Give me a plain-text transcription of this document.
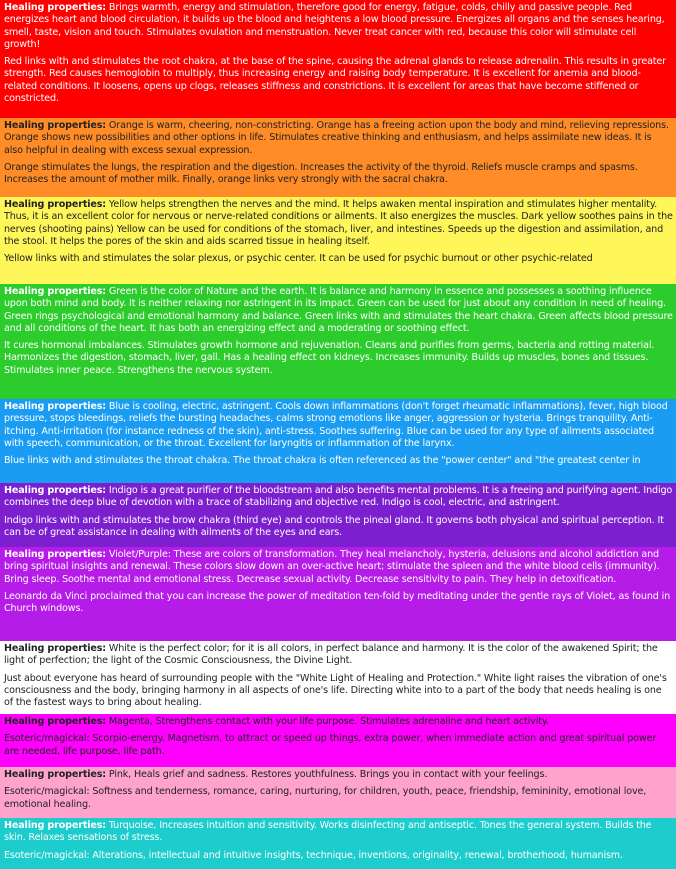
Healing properties: Brings warmth, energy and stimulation, therefore good for energy, fatigue, colds, chilly and passive people. Red energizes heart and blood circulation, it builds up the blood and heightens a low blood pressure. Energizes all organs and the senses hearing, smell, taste, vision and touch. Stimulates ovulation and menstruation. Never treat cancer with red, because this color will stimulate cell growth!

Red links with and stimulates the root chakra, at the base of the spine, causing the adrenal glands to release adrenalin. This results in greater strength. Red causes hemoglobin to multiply, thus increasing energy and raising body temperature. It is excellent for anemia and blood-related conditions. It loosens, opens up clogs, releases stiffness and constrictions. It is excellent for areas that have become stiffened or constricted.

Healing properties: Orange is warm, cheering, non-constricting. Orange has a freeing action upon the body and mind, relieving repressions. Orange shows new possibilities and other options in life. Stimulates creative thinking and enthusiasm, and helps assimilate new ideas. It is also helpful in dealing with excess sexual expression.

Orange stimulates the lungs, the respiration and the digestion. Increases the activity of the thyroid. Reliefs muscle cramps and spasms. Increases the amount of mother milk. Finally, orange links very strongly with the sacral chakra.

Healing properties: Yellow helps strengthen the nerves and the mind. It helps awaken mental inspiration and stimulates higher mentality. Thus, it is an excellent color for nervous or nerve-related conditions or ailments. It also energizes the muscles. Dark yellow soothes pains in the nerves (shooting pains) Yellow can be used for conditions of the stomach, liver, and intestines. Speeds up the digestion and assimilation, and the stool. It helps the pores of the skin and aids scarred tissue in healing itself.

Yellow links with and stimulates the solar plexus, or psychic center. It can be used for psychic burnout or other psychic-related

Healing properties: Green is the color of Nature and the earth. It is balance and harmony in essence and possesses a soothing influence upon both mind and body. It is neither relaxing nor astringent in its impact. Green can be used for just about any condition in need of healing. Green rings psychological and emotional harmony and balance. Green links with and stimulates the heart chakra. Green affects blood pressure and all conditions of the heart. It has both an energizing effect and a moderating or soothing effect.

It cures hormonal imbalances. Stimulates growth hormone and rejuvenation. Cleans and purifies from germs, bacteria and rotting material. Harmonizes the digestion, stomach, liver, gall. Has a healing effect on kidneys. Increases immunity. Builds up muscles, bones and tissues. Stimulates inner peace. Strengthens the nervous system.

Healing properties: Blue is cooling, electric, astringent. Cools down inflammations (don't forget rheumatic inflammations), fever, high blood pressure, stops bleedings, reliefs the bursting headaches, calms strong emotions like anger, aggression or hysteria. Brings tranquility. Anti-itching. Anti-irritation (for instance redness of the skin), anti-stress. Soothes suffering. Blue can be used for any type of ailments associated with speech, communication, or the throat. Excellent for laryngitis or inflammation of the larynx.

Blue links with and stimulates the throat chakra. The throat chakra is often referenced as the "power center" and "the greatest center in

Healing properties: Indigo is a great purifier of the bloodstream and also benefits mental problems. It is a freeing and purifying agent. Indigo combines the deep blue of devotion with a trace of stabilizing and objective red. Indigo is cool, electric, and astringent.

Indigo links with and stimulates the brow chakra (third eye) and controls the pineal gland. It governs both physical and spiritual perception. It can be of great assistance in dealing with ailments of the eyes and ears.

Healing properties: Violet/Purple: These are colors of transformation. They heal melancholy, hysteria, delusions and alcohol addiction and bring spiritual insights and renewal. These colors slow down an over-active heart; stimulate the spleen and the white blood cells (immunity). Bring sleep. Soothe mental and emotional stress. Decrease sexual activity. Decrease sensitivity to pain. They help in detoxification.

Leonardo da Vinci proclaimed that you can increase the power of meditation ten-fold by meditating under the gentle rays of Violet, as found in Church windows.

Healing properties: White is the perfect color; for it is all colors, in perfect balance and harmony. It is the color of the awakened Spirit; the light of perfection; the light of the Cosmic Consciousness, the Divine Light.

Just about everyone has heard of surrounding people with the "White Light of Healing and Protection." White light raises the vibration of one's consciousness and the body, bringing harmony in all aspects of one's life. Directing white into to a part of the body that needs healing is one of the fastest ways to bring about healing.

Healing properties: Magenta, Strengthens contact with your life purpose. Stimulates adrenaline and heart activity.

Esoteric/magickal: Scorpio-energy. Magnetism, to attract or speed up things, extra power, when immediate action and great spiritual power are needed, life purpose, life path.

Healing properties: Pink, Heals grief and sadness. Restores youthfulness. Brings you in contact with your feelings.

Esoteric/magickal: Softness and tenderness, romance, caring, nurturing, for children, youth, peace, friendship, femininity, emotional love, emotional healing.

Healing properties: Turquoise, Increases intuition and sensitivity. Works disinfecting and antiseptic. Tones the general system. Builds the skin. Relaxes sensations of stress.

Esoteric/magickal: Alterations, intellectual and intuitive insights, technique, inventions, originality, renewal, brotherhood, humanism.
